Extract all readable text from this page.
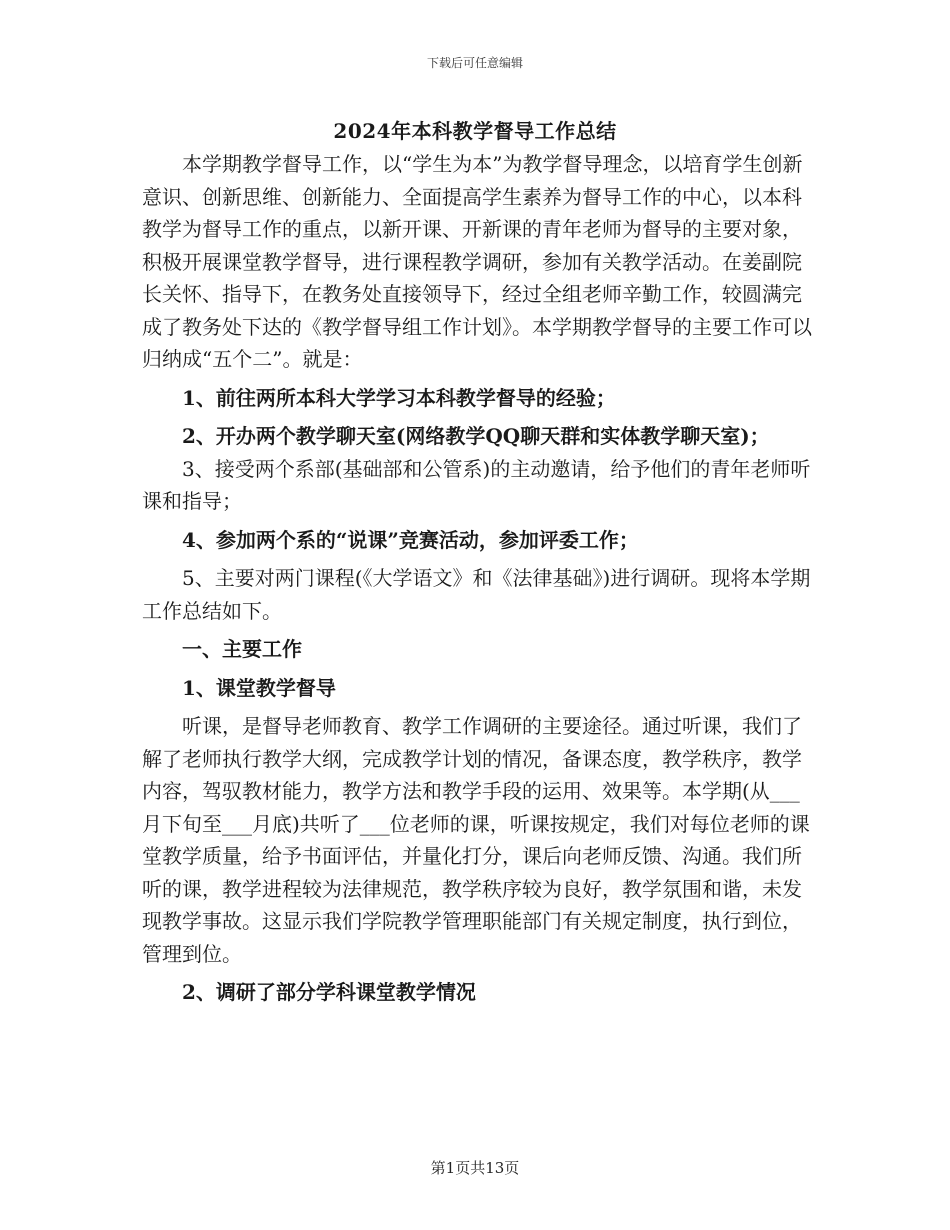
下载后可任意编辑
2024年本科教学督导工作总结

本学期教学督导工作，以“学生为本”为教学督导理念，以培育学生创新意识、创新思维、创新能力、全面提高学生素养为督导工作的中心，以本科教学为督导工作的重点，以新开课、开新课的青年老师为督导的主要对象，积极开展课堂教学督导，进行课程教学调研，参加有关教学活动。在姜副院长关怀、指导下，在教务处直接领导下，经过全组老师辛勤工作，较圆满完成了教务处下达的《教学督导组工作计划》。本学期教学督导的主要工作可以归纳成“五个二”。就是：

1、前往两所本科大学学习本科教学督导的经验；

2、开办两个教学聊天室(网络教学QQ聊天群和实体教学聊天室)；

3、接受两个系部(基础部和公管系)的主动邀请，给予他们的青年老师听课和指导；

4、参加两个系的“说课”竞赛活动，参加评委工作；

5、主要对两门课程(《大学语文》和《法律基础》)进行调研。现将本学期工作总结如下。

一、主要工作

1、课堂教学督导

听课，是督导老师教育、教学工作调研的主要途径。通过听课，我们了解了老师执行教学大纲，完成教学计划的情况，备课态度，教学秩序，教学内容，驾驭教材能力，教学方法和教学手段的运用、效果等。本学期(从___月下旬至___月底)共听了___位老师的课，听课按规定，我们对每位老师的课堂教学质量，给予书面评估，并量化打分，课后向老师反馈、沟通。我们所听的课，教学进程较为法律规范，教学秩序较为良好，教学氛围和谐，未发现教学事故。这显示我们学院教学管理职能部门有关规定制度，执行到位，管理到位。

2、调研了部分学科课堂教学情况

第1页共13页
